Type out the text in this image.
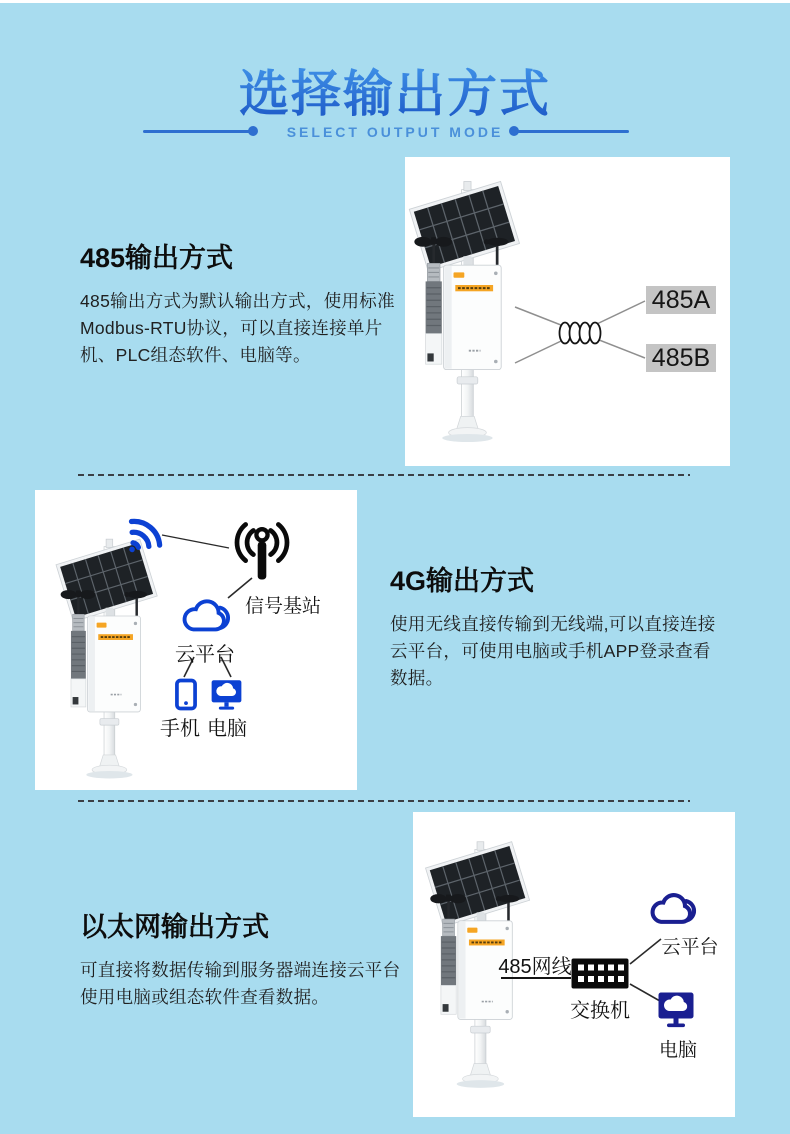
选择输出方式
SELECT OUTPUT MODE
485输出方式
485输出方式为默认输出方式，使用标准Modbus-RTU协议，可以直接连接单片机、PLC组态软件、电脑等。
485A
485B
信号基站
云平台
手机 电脑
4G输出方式
使用无线直接传输到无线端,可以直接连接云平台，可使用电脑或手机APP登录查看数据。
以太网输出方式
可直接将数据传输到服务器端连接云平台使用电脑或组态软件查看数据。
485网线
交换机
云平台
电脑
